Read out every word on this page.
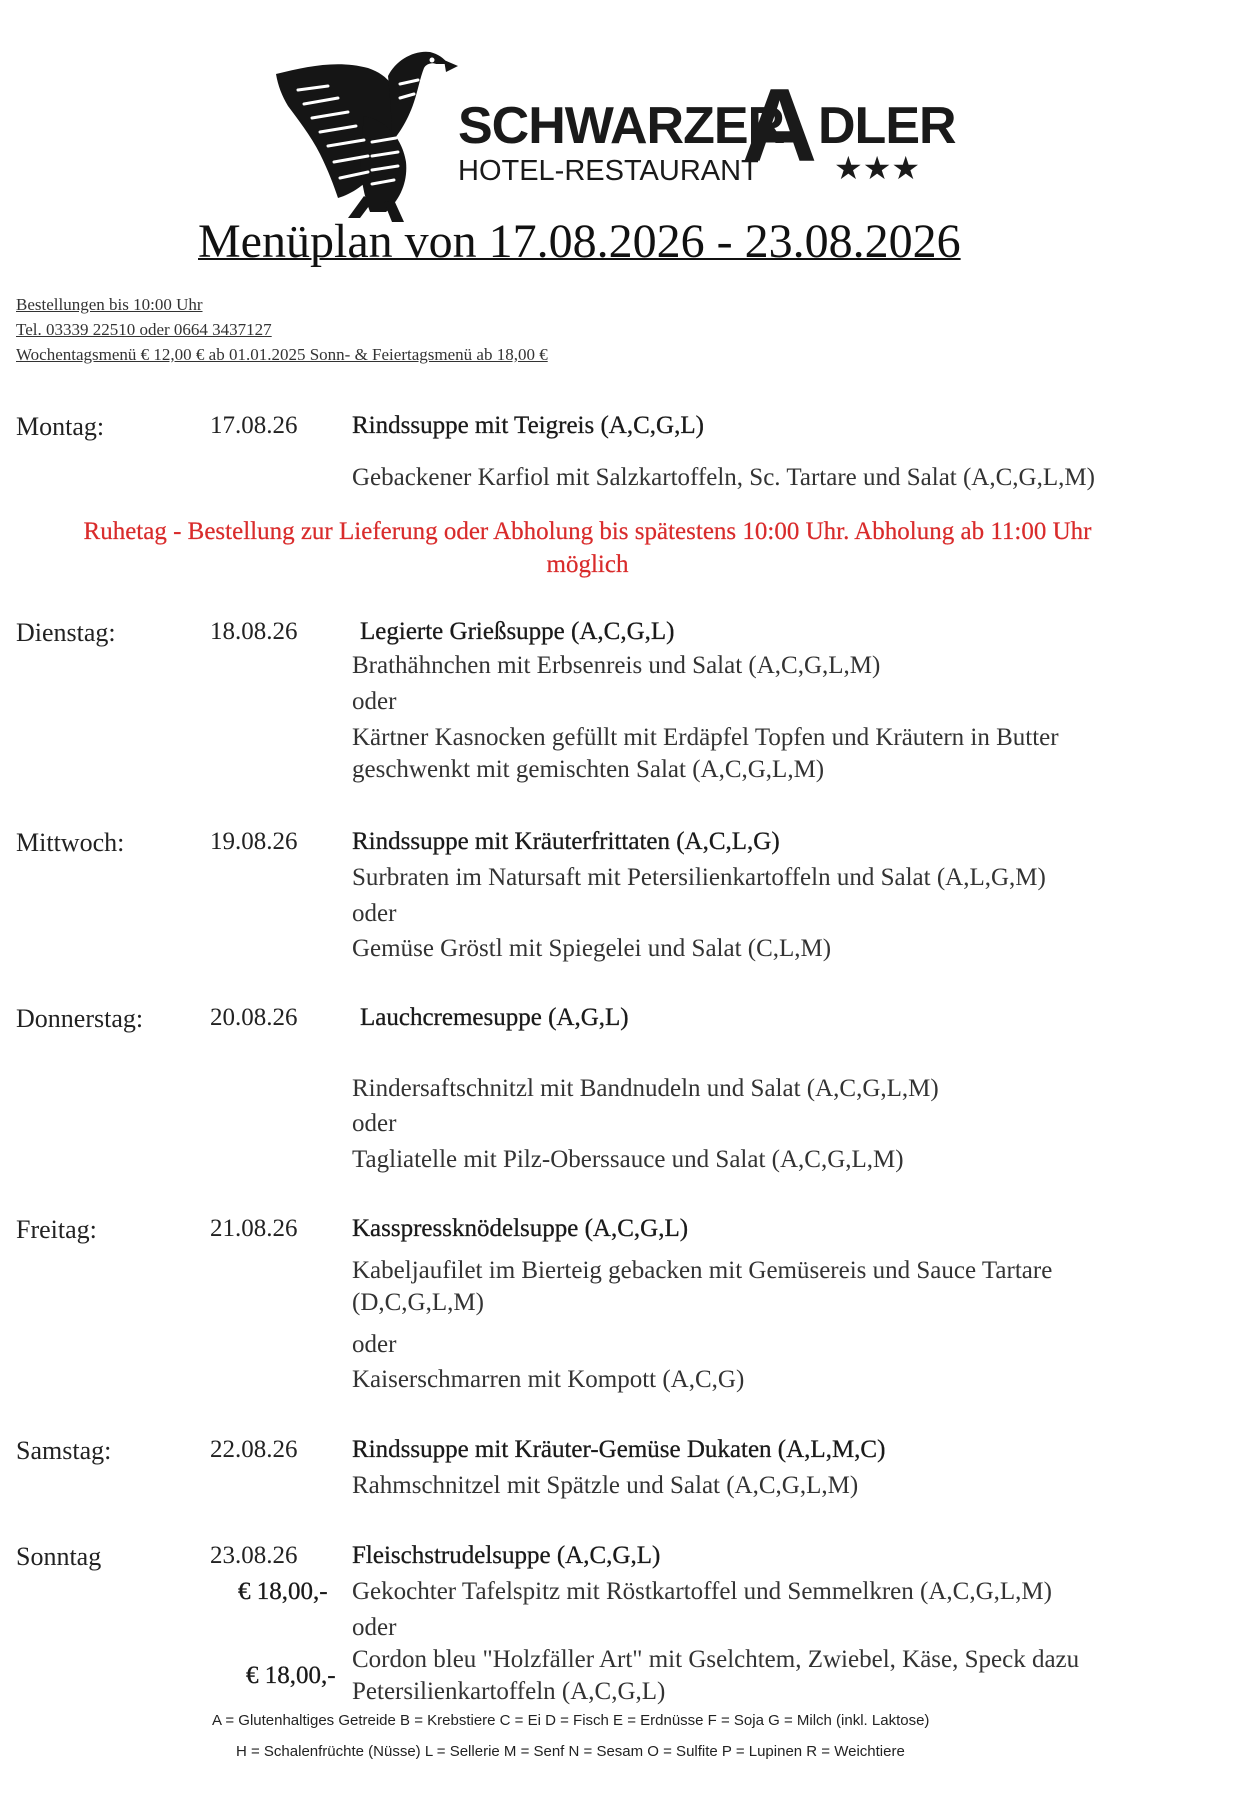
SCHWARZER
A DLER
HOTEL-RESTAURANT ★★★
Menüplan von 17.08.2026 - 23.08.2026
Bestellungen bis 10:00 Uhr
Tel. 03339 22510 oder 0664 3437127
Wochentagsmenü € 12,00 € ab 01.01.2025 Sonn- & Feiertagsmenü ab 18,00 €
Montag:	17.08.26 Rindssuppe mit Teigreis (A,C,G,L)
Gebackener Karfiol mit Salzkartoffeln, Sc. Tartare und Salat (A,C,G,L,M)
Ruhetag - Bestellung zur Lieferung oder Abholung bis spätestens 10:00 Uhr. Abholung ab 11:00 Uhr
möglich
Dienstag:	18.08.26	Legierte Grießsuppe (A,C,G,L)
Brathähnchen mit Erbsenreis und Salat (A,C,G,L,M)
oder
Kärtner Kasnocken gefüllt mit Erdäpfel Topfen und Kräutern in Butter
geschwenkt mit gemischten Salat (A,C,G,L,M)
Mittwoch:	19.08.26 Rindssuppe mit Kräuterfrittaten (A,C,L,G)
Surbraten im Natursaft mit Petersilienkartoffeln und Salat (A,L,G,M)
oder
Gemüse Gröstl mit Spiegelei und Salat (C,L,M)
Donnerstag:	20.08.26	Lauchcremesuppe (A,G,L)
Rindersaftschnitzl mit Bandnudeln und Salat (A,C,G,L,M)
oder
Tagliatelle mit Pilz-Oberssauce und Salat (A,C,G,L,M)
Freitag:	21.08.26 Kasspressknödelsuppe (A,C,G,L)
Kabeljaufilet im Bierteig gebacken mit Gemüsereis und Sauce Tartare
(D,C,G,L,M)
oder
Kaiserschmarren mit Kompott (A,C,G)
Samstag:	22.08.26 Rindssuppe mit Kräuter-Gemüse Dukaten (A,L,M,C)
Rahmschnitzel mit Spätzle und Salat (A,C,G,L,M)
Sonntag	23.08.26 Fleischstrudelsuppe (A,C,G,L)
€ 18,00,- Gekochter Tafelspitz mit Röstkartoffel und Semmelkren (A,C,G,L,M)
oder
€ 18,00,-
Cordon bleu "Holzfäller Art" mit Gselchtem, Zwiebel, Käse, Speck dazu
Petersilienkartoffeln (A,C,G,L)
A = Glutenhaltiges Getreide B = Krebstiere C = Ei D = Fisch E = Erdnüsse F = Soja G = Milch (inkl. Laktose)
H = Schalenfrüchte (Nüsse) L = Sellerie M = Senf N = Sesam O = Sulfite P = Lupinen R = Weichtiere
